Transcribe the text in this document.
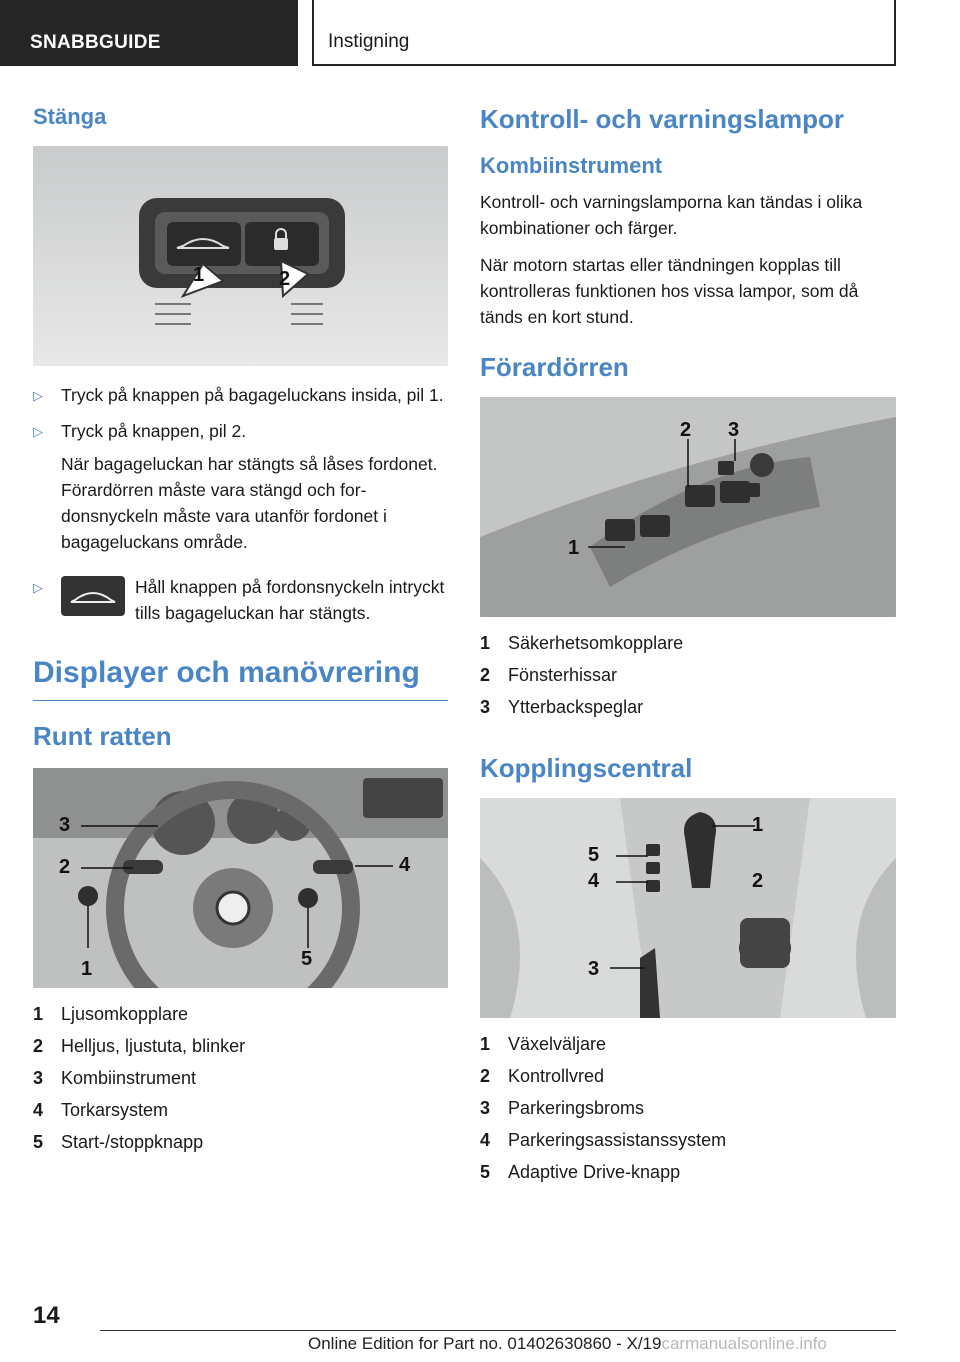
SNABBGUIDE	Instigning
Stänga
1	2
▷ Tryck på knappen på bagageluckans insida, pil 1.
▷ Tryck på knappen, pil 2.

När bagageluckan har stängts så låses fordonet. Förardörren måste vara stängd och fordonsnyckeln måste vara utanför fordonet i bagageluckans område.

▷	Håll knappen på fordonsnyckeln intryckt tills bagageluckan har stängts.
Displayer och manövrering
Runt ratten
1
2
3
4
5
1 Ljusomkopplare
2 Helljus, ljustuta, blinker
3 Kombiinstrument
4 Torkarsystem
5 Start-/stoppknapp
Kontroll- och varningslampor
Kombiinstrument

Kontroll- och varningslamporna kan tändas i olika kombinationer och färger.

När motorn startas eller tändningen kopplas till kontrolleras funktionen hos vissa lampor, som då tänds en kort stund.

Förardörren
1
2 3
1 Säkerhetsomkopplare
2 Fönsterhissar
3 Ytterbackspeglar
Kopplingscentral
1
2
3
4
5
1 Växelväljare
2 Kontrollvred
3 Parkeringsbroms
4 Parkeringsassistanssystem
5 Adaptive Drive-knapp
14
Online Edition for Part no. 01402630860 - X/19carmanualsonline.info
